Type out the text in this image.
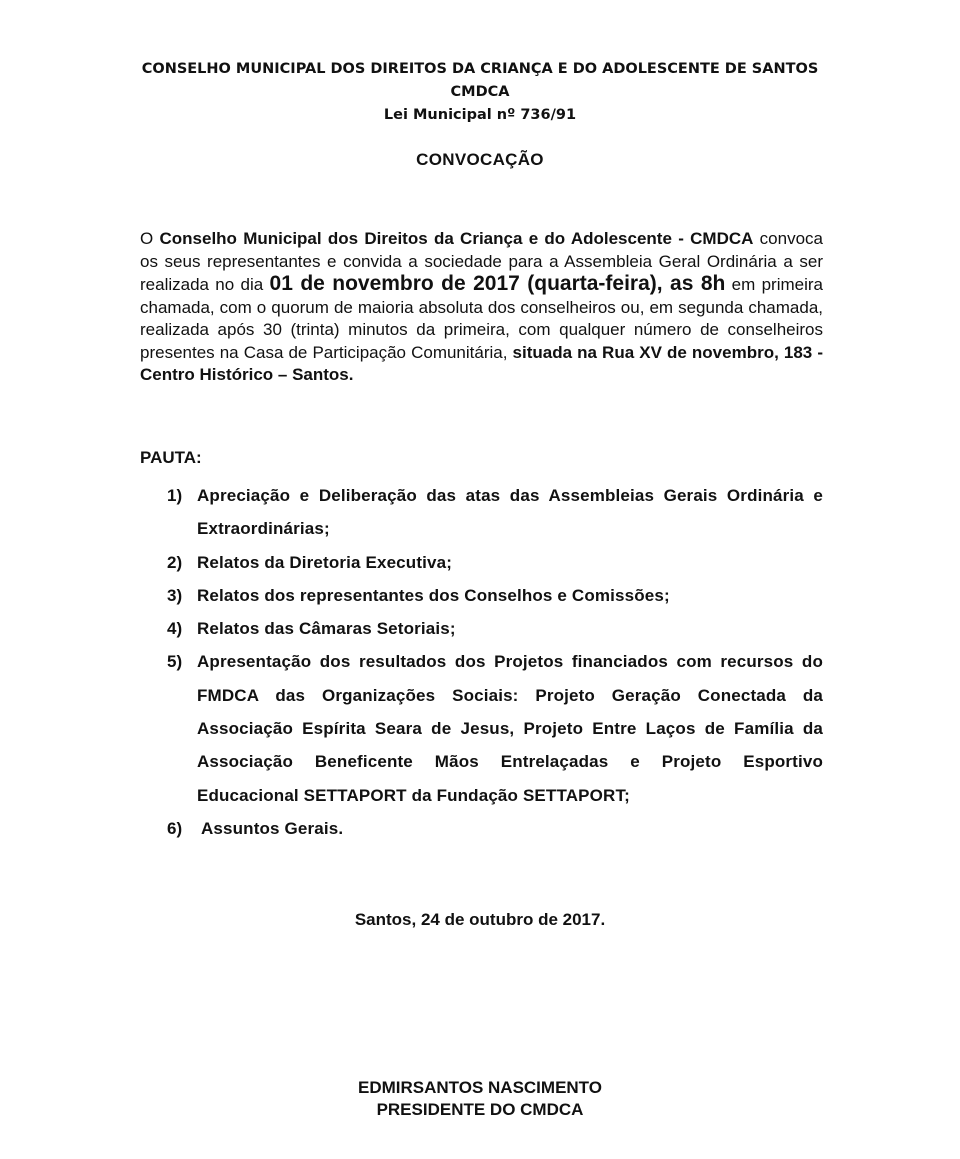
CONSELHO MUNICIPAL DOS DIREITOS DA CRIANÇA E DO ADOLESCENTE DE SANTOS
CMDCA
Lei Municipal nº 736/91
CONVOCAÇÃO
O Conselho Municipal dos Direitos da Criança e do Adolescente - CMDCA convoca os seus representantes e convida a sociedade para a Assembleia Geral Ordinária a ser realizada no dia 01 de novembro de 2017 (quarta-feira), as 8h em primeira chamada, com o quorum de maioria absoluta dos conselheiros ou, em segunda chamada, realizada após 30 (trinta) minutos da primeira, com qualquer número de conselheiros presentes na Casa de Participação Comunitária, situada na Rua XV de novembro, 183 - Centro Histórico – Santos.
PAUTA:
1) Apreciação e Deliberação das atas das Assembleias Gerais Ordinária e Extraordinárias;
2) Relatos da Diretoria Executiva;
3) Relatos dos representantes dos Conselhos e Comissões;
4) Relatos das Câmaras Setoriais;
5) Apresentação dos resultados dos Projetos financiados com recursos do FMDCA das Organizações Sociais: Projeto Geração Conectada da Associação Espírita Seara de Jesus, Projeto Entre Laços de Família da Associação Beneficente Mãos Entrelaçadas e Projeto Esportivo Educacional SETTAPORT da Fundação SETTAPORT;
6)	Assuntos Gerais.
Santos, 24 de outubro de 2017.
EDMIRSANTOS NASCIMENTO
PRESIDENTE DO CMDCA
